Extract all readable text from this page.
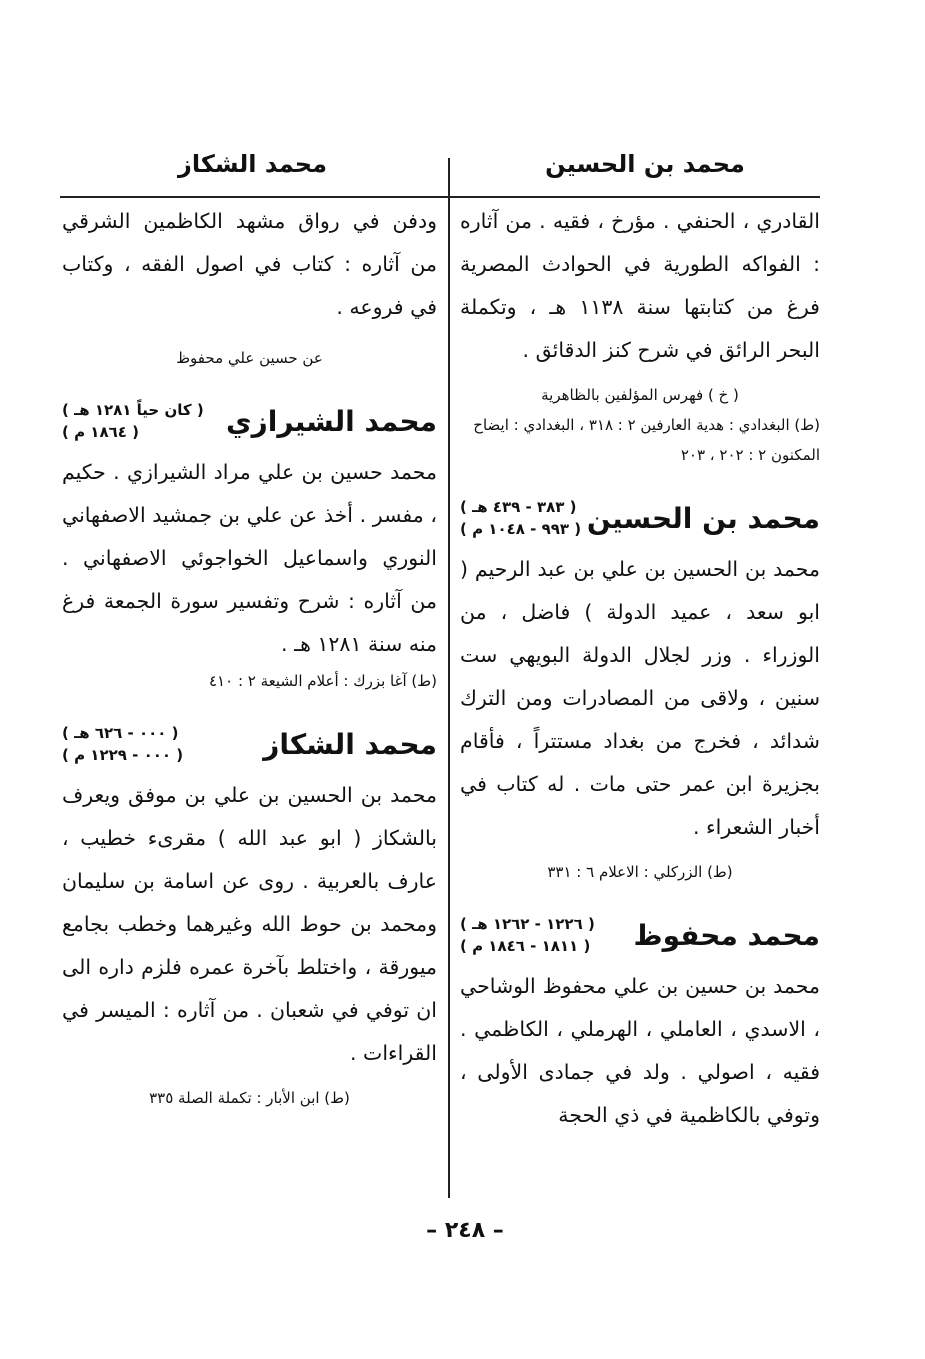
محمد بن الحسين
محمد الشكاز

القادري ، الحنفي . مؤرخ ، فقيه . من آثاره : الفواكه الطورية في الحوادث المصرية فرغ من كتابتها سنة ١١٣٨ هـ ، وتكملة البحر الرائق في شرح كنز الدقائق .

( خ ) فهرس المؤلفين بالظاهرية

(ط) البغدادي : هدية العارفين ٢ : ٣١٨ ، البغدادي : ايضاح المكنون ٢ : ٢٠٢ ، ٢٠٣

محمد بن الحسين
( ٣٨٣ - ٤٣٩ هـ )
( ٩٩٣ - ١٠٤٨ م )

محمد بن الحسين بن علي بن عبد الرحيم ( ابو سعد ، عميد الدولة ) فاضل ، من الوزراء . وزر لجلال الدولة البويهي ست سنين ، ولاقى من المصادرات ومن الترك شدائد ، فخرج من بغداد مستتراً ، فأقام بجزيرة ابن عمر حتى مات . له كتاب في أخبار الشعراء .

(ط) الزركلي : الاعلام ٦ : ٣٣١

محمد محفوظ
( ١٢٢٦ - ١٢٦٢ هـ )
( ١٨١١ - ١٨٤٦ م )

محمد بن حسين بن علي محفوظ الوشاحي ، الاسدي ، العاملي ، الهرملي ، الكاظمي . فقيه ، اصولي . ولد في جمادى الأولى ، وتوفي بالكاظمية في ذي الحجة

ودفن في رواق مشهد الكاظمين الشرقي من آثاره : كتاب في اصول الفقه ، وكتاب في فروعه .

عن حسين علي محفوظ

محمد الشيرازي
( كان حياً ١٢٨١ هـ )
( ١٨٦٤ م )

محمد حسين بن علي مراد الشيرازي . حكيم ، مفسر . أخذ عن علي بن جمشيد الاصفهاني النوري واسماعيل الخواجوئي الاصفهاني . من آثاره : شرح وتفسير سورة الجمعة فرغ منه سنة ١٢٨١ هـ .

(ط) آغا بزرك : أعلام الشيعة ٢ : ٤١٠

محمد الشكاز
( ٠٠٠ - ٦٢٦ هـ )
( ٠٠٠ - ١٢٢٩ م )

محمد بن الحسين بن علي بن موفق ويعرف بالشكاز ( ابو عبد الله ) مقرىء خطيب ، عارف بالعربية . روى عن اسامة بن سليمان ومحمد بن حوط الله وغيرهما وخطب بجامع ميورقة ، واختلط بآخرة عمره فلزم داره الى ان توفي في شعبان . من آثاره : الميسر في القراءات .

(ط) ابن الأبار : تكملة الصلة ٣٣٥

– ٢٤٨ –
